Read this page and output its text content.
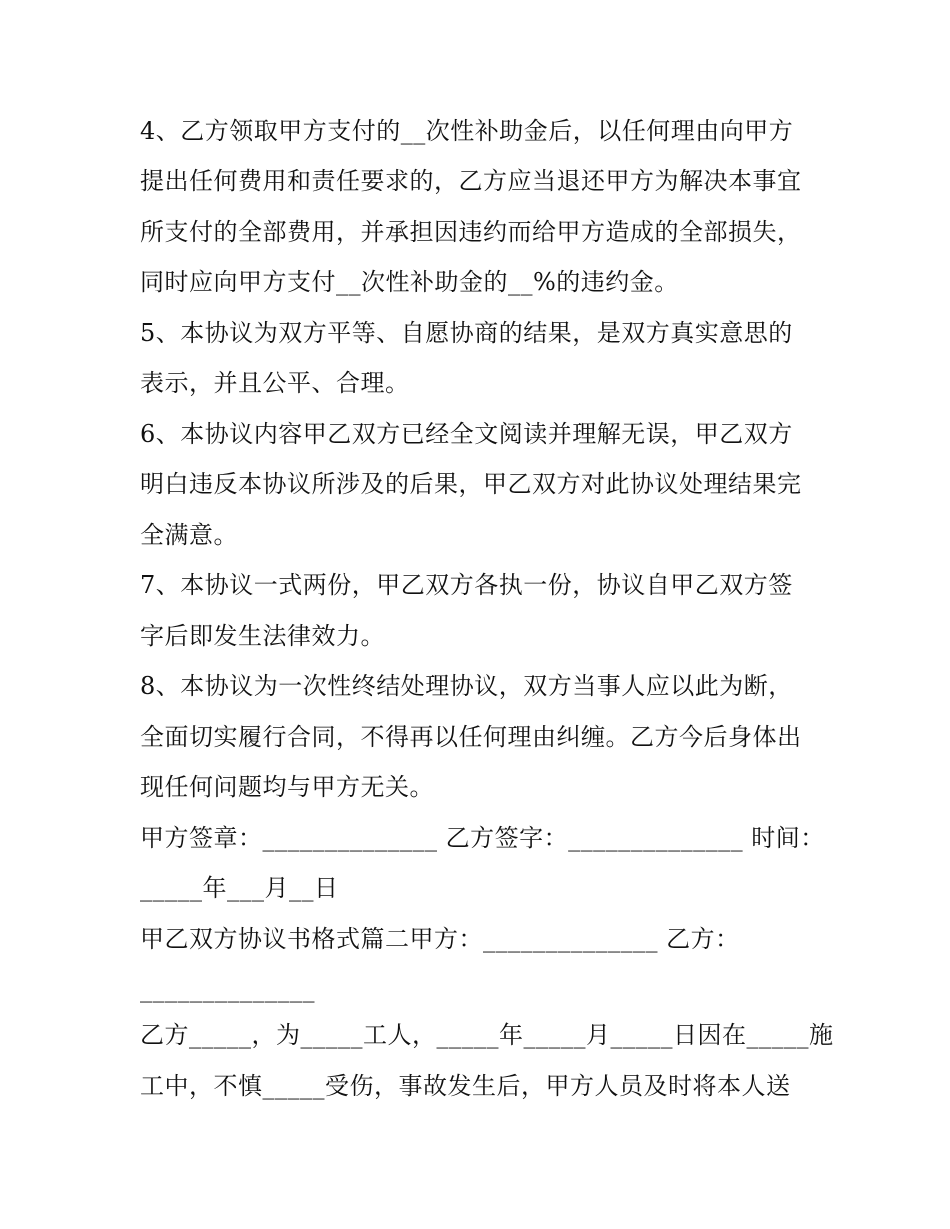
4、乙方领取甲方支付的__次性补助金后，以任何理由向甲方
提出任何费用和责任要求的，乙方应当退还甲方为解决本事宜
所支付的全部费用，并承担因违约而给甲方造成的全部损失，
同时应向甲方支付__次性补助金的__%的违约金。
5、本协议为双方平等、自愿协商的结果，是双方真实意思的
表示，并且公平、合理。
6、本协议内容甲乙双方已经全文阅读并理解无误，甲乙双方
明白违反本协议所涉及的后果，甲乙双方对此协议处理结果完
全满意。
7、本协议一式两份，甲乙双方各执一份，协议自甲乙双方签
字后即发生法律效力。
8、本协议为一次性终结处理协议，双方当事人应以此为断，
全面切实履行合同，不得再以任何理由纠缠。乙方今后身体出
现任何问题均与甲方无关。
甲方签章：______________ 乙方签字：______________ 时间：
_____年___月__日
甲乙双方协议书格式篇二甲方：______________ 乙方：
______________
乙方_____，为_____工人，_____年_____月_____日因在_____施
工中，不慎_____受伤，事故发生后，甲方人员及时将本人送
